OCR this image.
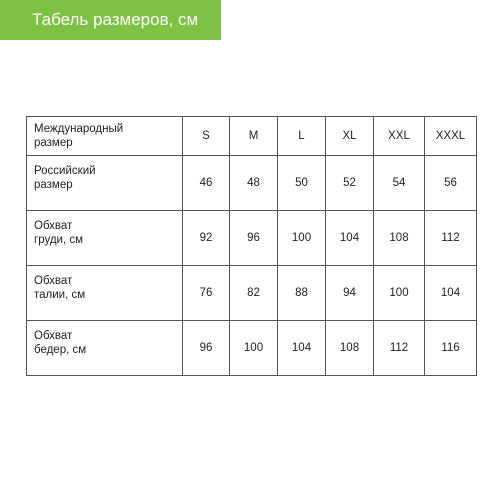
Табель размеров, см
Международный
размер	S	M	L	XL	XXL	XXXL

Российский
размер	46	48	50	52	54	56

Обхват
груди, см	92	96	100	104	108	112

Обхват
талии, см	76	82	88	94	100	104

Обхват
бедер, см	96	100	104	108	112	116
